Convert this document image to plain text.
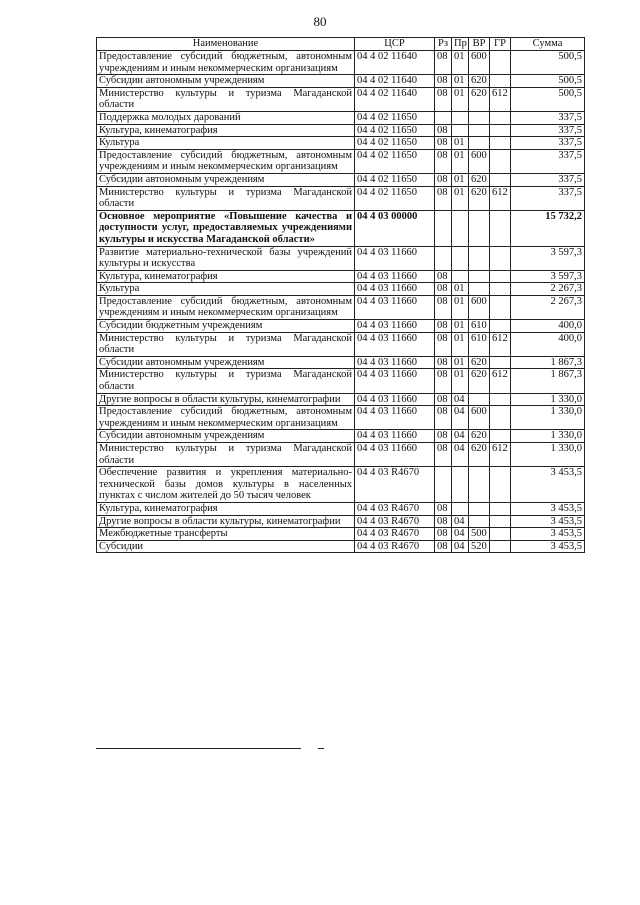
80
Наименование	ЦСР	Рз	Пр	ВР	ГР	Сумма
Предоставление субсидий бюджетным, автономным учреждениям и иным некоммерческим организациям	04 4 02 11640	08	01	600		500,5
Субсидии автономным учреждениям	04 4 02 11640	08	01	620		500,5
Министерство культуры и туризма Магаданской области	04 4 02 11640	08	01	620	612	500,5
Поддержка молодых дарований	04 4 02 11650					337,5
Культура, кинематография	04 4 02 11650	08				337,5
Культура	04 4 02 11650	08	01			337,5
Предоставление субсидий бюджетным, автономным учреждениям и иным некоммерческим организациям	04 4 02 11650	08	01	600		337,5
Субсидии автономным учреждениям	04 4 02 11650	08	01	620		337,5
Министерство культуры и туризма Магаданской области	04 4 02 11650	08	01	620	612	337,5
Основное мероприятие «Повышение качества и доступности услуг, предоставляемых учреждениями культуры и искусства Магаданской области»	04 4 03 00000					15 732,2
Развитие материально-технической базы учреждений культуры и искусства	04 4 03 11660					3 597,3
Культура, кинематография	04 4 03 11660	08				3 597,3
Культура	04 4 03 11660	08	01			2 267,3
Предоставление субсидий бюджетным, автономным учреждениям и иным некоммерческим организациям	04 4 03 11660	08	01	600		2 267,3
Субсидии бюджетным учреждениям	04 4 03 11660	08	01	610		400,0
Министерство культуры и туризма Магаданской области	04 4 03 11660	08	01	610	612	400,0
Субсидии автономным учреждениям	04 4 03 11660	08	01	620		1 867,3
Министерство культуры и туризма Магаданской области	04 4 03 11660	08	01	620	612	1 867,3
Другие вопросы в области культуры, кинематографии	04 4 03 11660	08	04			1 330,0
Предоставление субсидий бюджетным, автономным учреждениям и иным некоммерческим организациям	04 4 03 11660	08	04	600		1 330,0
Субсидии автономным учреждениям	04 4 03 11660	08	04	620		1 330,0
Министерство культуры и туризма Магаданской области	04 4 03 11660	08	04	620	612	1 330,0
Обеспечение развития и укрепления материально-технической базы домов культуры в населенных пунктах с числом жителей до 50 тысяч человек	04 4 03 R4670					3 453,5
Культура, кинематография	04 4 03 R4670	08				3 453,5
Другие вопросы в области культуры, кинематографии	04 4 03 R4670	08	04			3 453,5
Межбюджетные трансферты	04 4 03 R4670	08	04	500		3 453,5
Субсидии	04 4 03 R4670	08	04	520		3 453,5
